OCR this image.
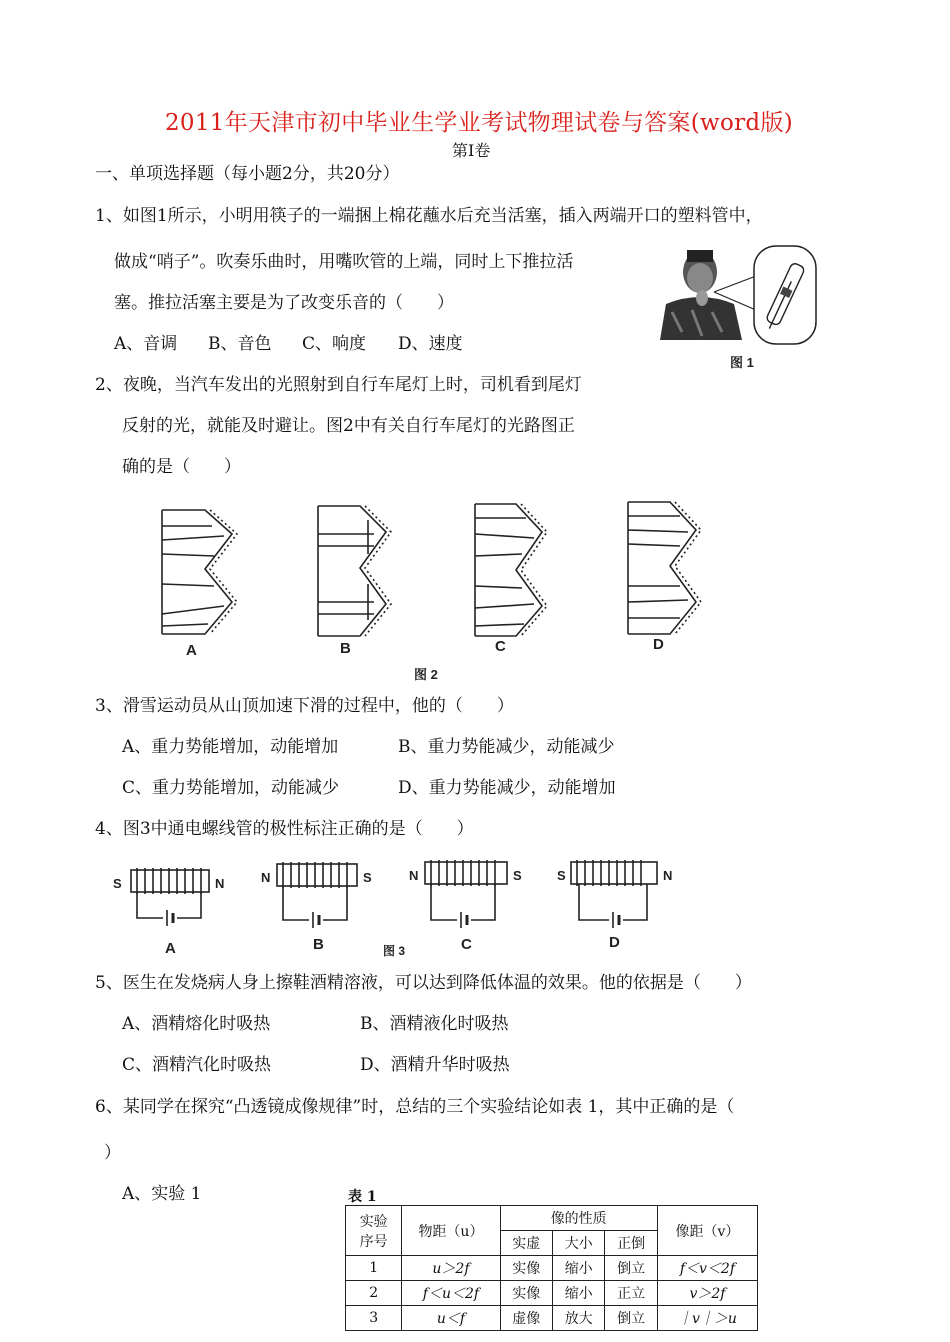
2011年天津市初中毕业生学业考试物理试卷与答案(word版)
第Ⅰ卷
一、单项选择题（每小题2分，共20分）
1、如图1所示，小明用筷子的一端捆上棉花蘸水后充当活塞，插入两端开口的塑料管中，
做成“哨子”。吹奏乐曲时，用嘴吹管的上端，同时上下推拉活
塞。推拉活塞主要是为了改变乐音的（　　）
A、音调 B、音色 C、响度 D、速度
图 1
2、夜晚，当汽车发出的光照射到自行车尾灯上时，司机看到尾灯
反射的光，就能及时避让。图2中有关自行车尾灯的光路图正
确的是（　　）
A	B	C	D
图 2
3、滑雪运动员从山顶加速下滑的过程中，他的（　　）
A、重力势能增加，动能增加	B、重力势能减少，动能减少
C、重力势能增加，动能减少	D、重力势能减少，动能增加
4、图3中通电螺线管的极性标注正确的是（　　）
S	N	N	S	N	S	S	N
A	B	C	D
图 3
5、医生在发烧病人身上擦鞋酒精溶液，可以达到降低体温的效果。他的依据是（　　）
A、酒精熔化时吸热	B、酒精液化时吸热
C、酒精汽化时吸热	D、酒精升华时吸热
6、某同学在探究“凸透镜成像规律”时，总结的三个实验结论如表 1，其中正确的是（
）
A、实验 1	表 1
实验
序号	物距（u）	像的性质			像距（v）
		实虚	大小	正倒	
1	u＞2f	实像	缩小	倒立	f＜v＜2f
2	f＜u＜2f	实像	缩小	正立	v＞2f
3	u＜f	虚像	放大	倒立	｜v｜＞u
